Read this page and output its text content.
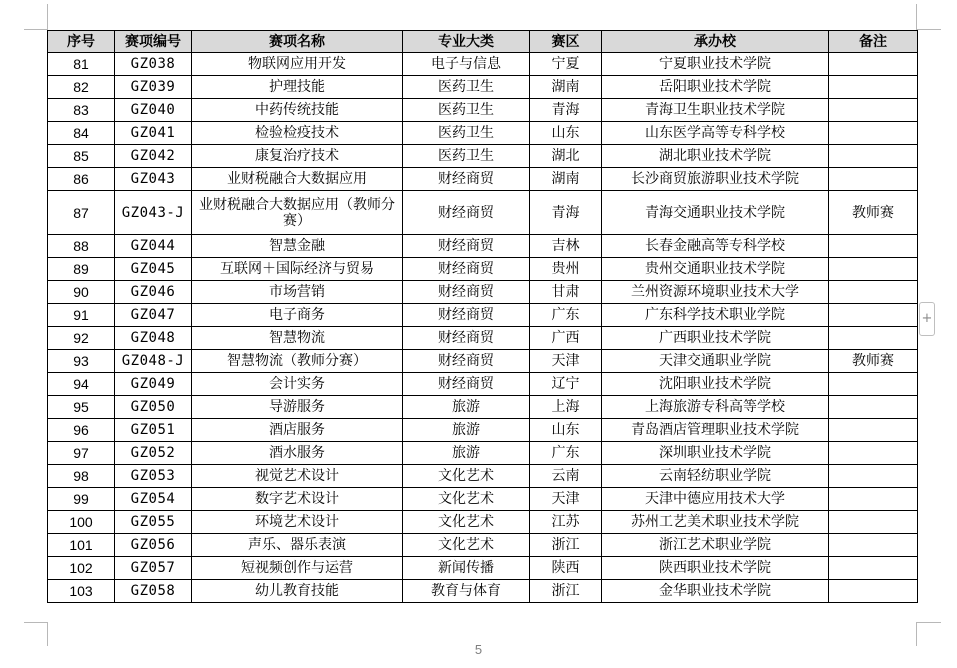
序号	赛项编号	赛项名称	专业大类	赛区	承办校	备注
81	GZ038	物联网应用开发	电子与信息	宁夏	宁夏职业技术学院	
82	GZ039	护理技能	医药卫生	湖南	岳阳职业技术学院	
83	GZ040	中药传统技能	医药卫生	青海	青海卫生职业技术学院	
84	GZ041	检验检疫技术	医药卫生	山东	山东医学高等专科学校	
85	GZ042	康复治疗技术	医药卫生	湖北	湖北职业技术学院	
86	GZ043	业财税融合大数据应用	财经商贸	湖南	长沙商贸旅游职业技术学院	
87	GZ043-J	业财税融合大数据应用（教师分赛）	财经商贸	青海	青海交通职业技术学院	教师赛
88	GZ044	智慧金融	财经商贸	吉林	长春金融高等专科学校	
89	GZ045	互联网＋国际经济与贸易	财经商贸	贵州	贵州交通职业技术学院	
90	GZ046	市场营销	财经商贸	甘肃	兰州资源环境职业技术大学	
91	GZ047	电子商务	财经商贸	广东	广东科学技术职业学院	
92	GZ048	智慧物流	财经商贸	广西	广西职业技术学院	
93	GZ048-J	智慧物流（教师分赛）	财经商贸	天津	天津交通职业学院	教师赛
94	GZ049	会计实务	财经商贸	辽宁	沈阳职业技术学院	
95	GZ050	导游服务	旅游	上海	上海旅游专科高等学校	
96	GZ051	酒店服务	旅游	山东	青岛酒店管理职业技术学院	
97	GZ052	酒水服务	旅游	广东	深圳职业技术学院	
98	GZ053	视觉艺术设计	文化艺术	云南	云南轻纺职业学院	
99	GZ054	数字艺术设计	文化艺术	天津	天津中德应用技术大学	
100	GZ055	环境艺术设计	文化艺术	江苏	苏州工艺美术职业技术学院	
101	GZ056	声乐、器乐表演	文化艺术	浙江	浙江艺术职业学院	
102	GZ057	短视频创作与运营	新闻传播	陕西	陕西职业技术学院	
103	GZ058	幼儿教育技能	教育与体育	浙江	金华职业技术学院	
+
5
